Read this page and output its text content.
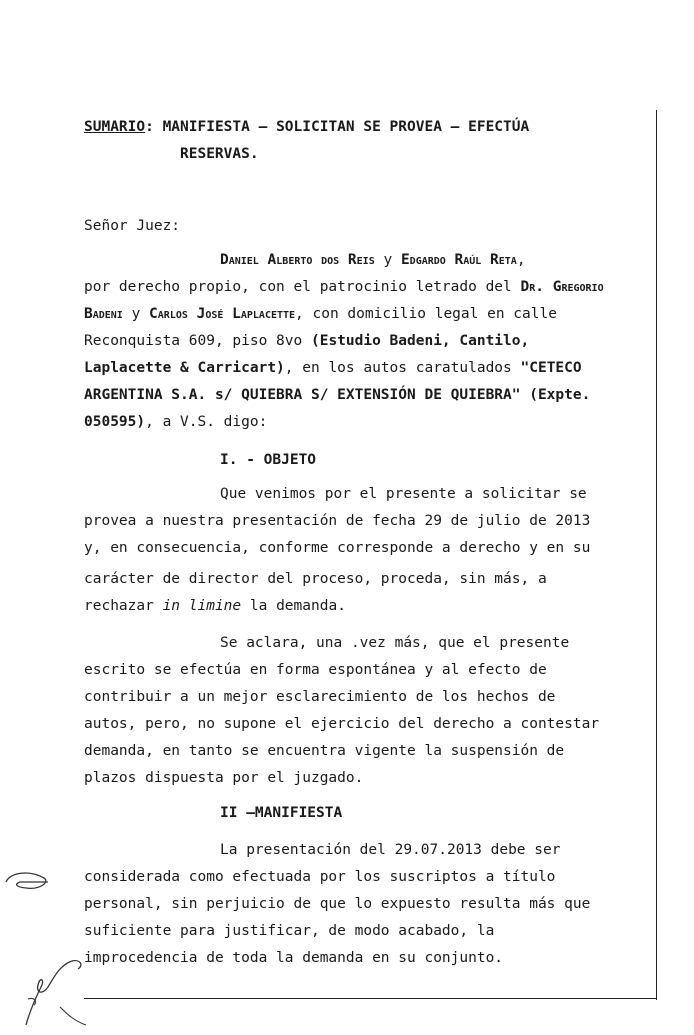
SUMARIO: MANIFIESTA – SOLICITAN SE PROVEA – EFECTÚA
RESERVAS.
Señor Juez:
Daniel Alberto dos Reis y Edgardo Raúl Reta,
por derecho propio, con el patrocinio letrado del Dr. Gregorio
Badeni y Carlos José Laplacette, con domicilio legal en calle
Reconquista 609, piso 8vo (Estudio Badeni, Cantilo,
Laplacette & Carricart), en los autos caratulados "CETECO
ARGENTINA S.A. s/ QUIEBRA S/ EXTENSIÓN DE QUIEBRA" (Expte.
050595), a V.S. digo:
I. - OBJETO
Que venimos por el presente a solicitar se
provea a nuestra presentación de fecha 29 de julio de 2013
y, en consecuencia, conforme corresponde a derecho y en su
carácter de director del proceso, proceda, sin más, a
rechazar in limine la demanda.
Se aclara, una .vez más, que el presente
escrito se efectúa en forma espontánea y al efecto de
contribuir a un mejor esclarecimiento de los hechos de
autos, pero, no supone el ejercicio del derecho a contestar
demanda, en tanto se encuentra vigente la suspensión de
plazos dispuesta por el juzgado.
II –MANIFIESTA
La presentación del 29.07.2013 debe ser
considerada como efectuada por los suscriptos a título
personal, sin perjuicio de que lo expuesto resulta más que
suficiente para justificar, de modo acabado, la
improcedencia de toda la demanda en su conjunto.
